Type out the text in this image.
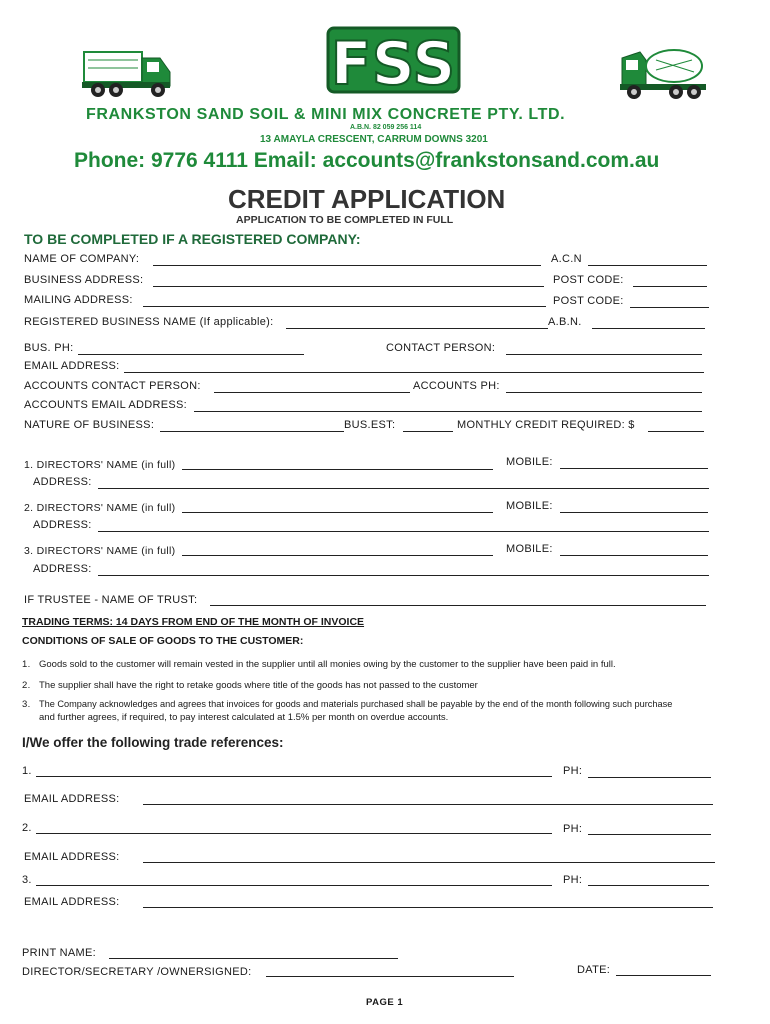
FSS
FRANKSTON SAND SOIL & MINI MIX CONCRETE PTY. LTD.
A.B.N. 82 059 256 114
13 AMAYLA CRESCENT, CARRUM DOWNS 3201
Phone: 9776 4111 Email: accounts@frankstonsand.com.au
CREDIT APPLICATION
APPLICATION TO BE COMPLETED IN FULL
TO BE COMPLETED IF A REGISTERED COMPANY:
NAME OF COMPANY:	A.C.N
BUSINESS ADDRESS:	POST CODE:
MAILING ADDRESS:	POST CODE:
REGISTERED BUSINESS NAME (If applicable):	A.B.N.
BUS. PH:	CONTACT PERSON:
EMAIL ADDRESS:
ACCOUNTS CONTACT PERSON:	ACCOUNTS PH:
ACCOUNTS EMAIL ADDRESS:
NATURE OF BUSINESS:	BUS.EST:	MONTHLY CREDIT REQUIRED: $
1. DIRECTORS' NAME (in full)	MOBILE:
ADDRESS:
2. DIRECTORS' NAME (in full)	MOBILE:
ADDRESS:
3. DIRECTORS' NAME (in full)	MOBILE:
ADDRESS:
IF TRUSTEE - NAME OF TRUST:
TRADING TERMS: 14 DAYS FROM END OF THE MONTH OF INVOICE
CONDITIONS OF SALE OF GOODS TO THE CUSTOMER:
1. Goods sold to the customer will remain vested in the supplier until all monies owing by the customer to the supplier have been paid in full.
2. The supplier shall have the right to retake goods where title of the goods has not passed to the customer
3. The Company acknowledges and agrees that invoices for goods and materials purchased shall be payable by the end of the month following such purchase
and further agrees, if required, to pay interest calculated at 1.5% per month on overdue accounts.
I/We offer the following trade references:
1.	PH:
EMAIL ADDRESS:
2.	PH:
EMAIL ADDRESS:
3.	PH:
EMAIL ADDRESS:
PRINT NAME:
DIRECTOR/SECRETARY /OWNERSIGNED:	DATE:
PAGE 1
